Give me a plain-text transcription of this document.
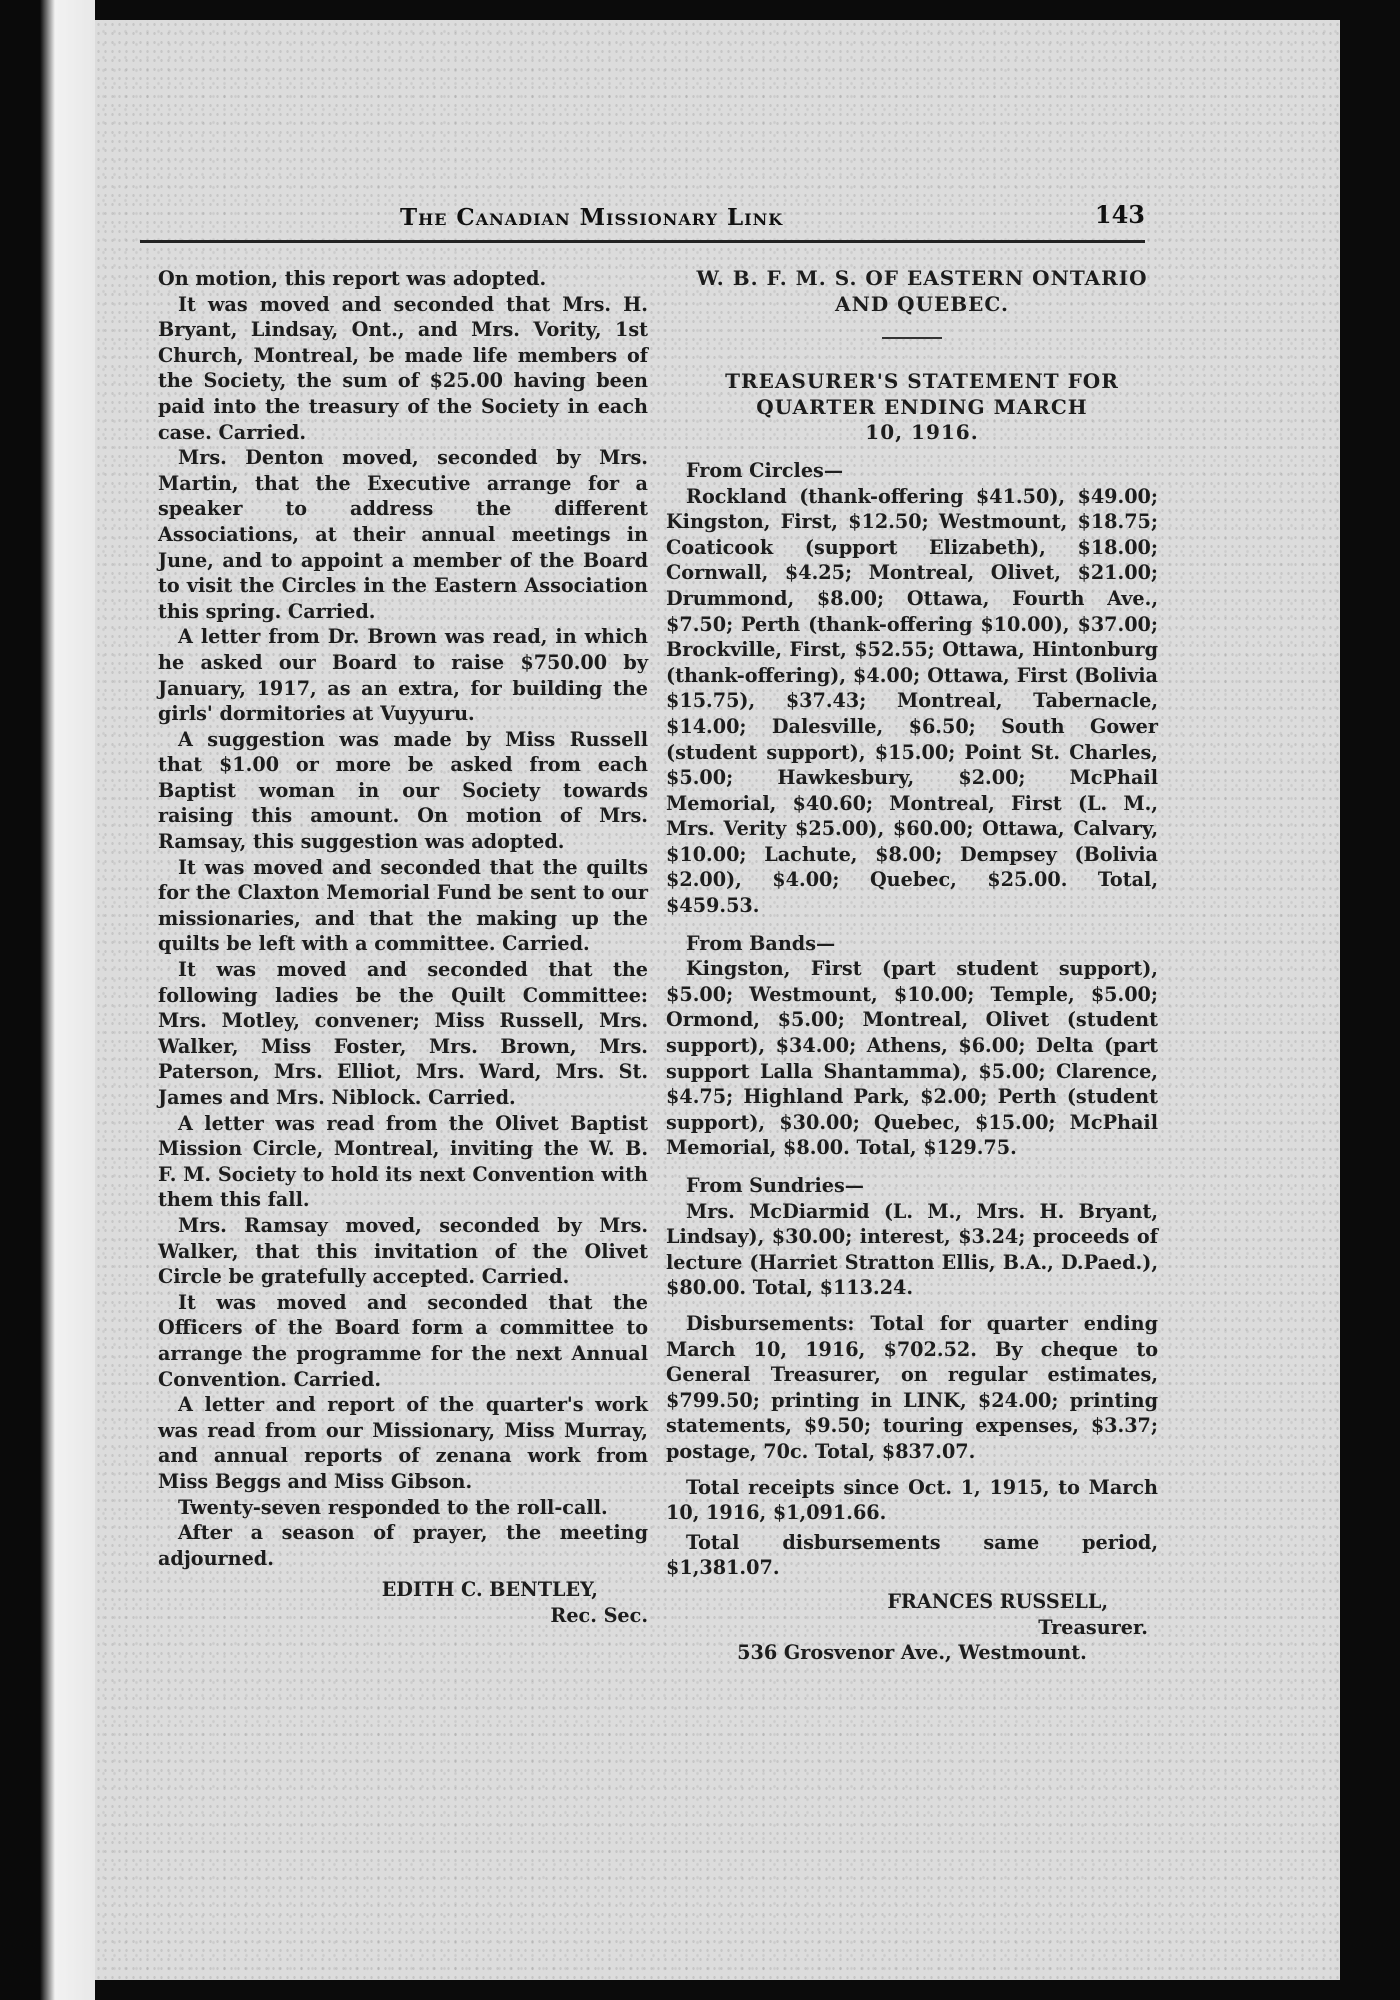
The Canadian Missionary Link	143

On motion, this report was adopted.

It was moved and seconded that Mrs. H. Bryant, Lindsay, Ont., and Mrs. Vority, 1st Church, Montreal, be made life members of the Society, the sum of $25.00 having been paid into the treasury of the Society in each case. Carried.

Mrs. Denton moved, seconded by Mrs. Martin, that the Executive arrange for a speaker to address the different Associations, at their annual meetings in June, and to appoint a member of the Board to visit the Circles in the Eastern Association this spring. Carried.

A letter from Dr. Brown was read, in which he asked our Board to raise $750.00 by January, 1917, as an extra, for building the girls' dormitories at Vuyyuru.

A suggestion was made by Miss Russell that $1.00 or more be asked from each Baptist woman in our Society towards raising this amount. On motion of Mrs. Ramsay, this suggestion was adopted.

It was moved and seconded that the quilts for the Claxton Memorial Fund be sent to our missionaries, and that the making up the quilts be left with a committee. Carried.

It was moved and seconded that the following ladies be the Quilt Committee: Mrs. Motley, convener; Miss Russell, Mrs. Walker, Miss Foster, Mrs. Brown, Mrs. Paterson, Mrs. Elliot, Mrs. Ward, Mrs. St. James and Mrs. Niblock. Carried.

A letter was read from the Olivet Baptist Mission Circle, Montreal, inviting the W. B. F. M. Society to hold its next Convention with them this fall.

Mrs. Ramsay moved, seconded by Mrs. Walker, that this invitation of the Olivet Circle be gratefully accepted. Carried.

It was moved and seconded that the Officers of the Board form a committee to arrange the programme for the next Annual Convention. Carried.

A letter and report of the quarter's work was read from our Missionary, Miss Murray, and annual reports of zenana work from Miss Beggs and Miss Gibson.

Twenty-seven responded to the roll-call.

After a season of prayer, the meeting adjourned.

EDITH C. BENTLEY,
Rec. Sec.

W. B. F. M. S. OF EASTERN ONTARIO

AND QUEBEC.

TREASURER'S STATEMENT FOR

QUARTER ENDING MARCH

10, 1916.

From Circles—

Rockland (thank-offering $41.50), $49.00; Kingston, First, $12.50; Westmount, $18.75; Coaticook (support Elizabeth), $18.00; Cornwall, $4.25; Montreal, Olivet, $21.00; Drummond, $8.00; Ottawa, Fourth Ave., $7.50; Perth (thank-offering $10.00), $37.00; Brockville, First, $52.55; Ottawa, Hintonburg (thank-offering), $4.00; Ottawa, First (Bolivia $15.75), $37.43; Montreal, Tabernacle, $14.00; Dalesville, $6.50; South Gower (student support), $15.00; Point St. Charles, $5.00; Hawkesbury, $2.00; McPhail Memorial, $40.60; Montreal, First (L. M., Mrs. Verity $25.00), $60.00; Ottawa, Calvary, $10.00; Lachute, $8.00; Dempsey (Bolivia $2.00), $4.00; Quebec, $25.00. Total, $459.53.

From Bands—

Kingston, First (part student support), $5.00; Westmount, $10.00; Temple, $5.00; Ormond, $5.00; Montreal, Olivet (student support), $34.00; Athens, $6.00; Delta (part support Lalla Shantamma), $5.00; Clarence, $4.75; Highland Park, $2.00; Perth (student support), $30.00; Quebec, $15.00; McPhail Memorial, $8.00. Total, $129.75.

From Sundries—

Mrs. McDiarmid (L. M., Mrs. H. Bryant, Lindsay), $30.00; interest, $3.24; proceeds of lecture (Harriet Stratton Ellis, B.A., D.Paed.), $80.00. Total, $113.24.

Disbursements: Total for quarter ending March 10, 1916, $702.52. By cheque to General Treasurer, on regular estimates, $799.50; printing in LINK, $24.00; printing statements, $9.50; touring expenses, $3.37; postage, 70c. Total, $837.07.

Total receipts since Oct. 1, 1915, to March 10, 1916, $1,091.66.

Total disbursements same period, $1,381.07.

FRANCES RUSSELL,
Treasurer.
536 Grosvenor Ave., Westmount.
